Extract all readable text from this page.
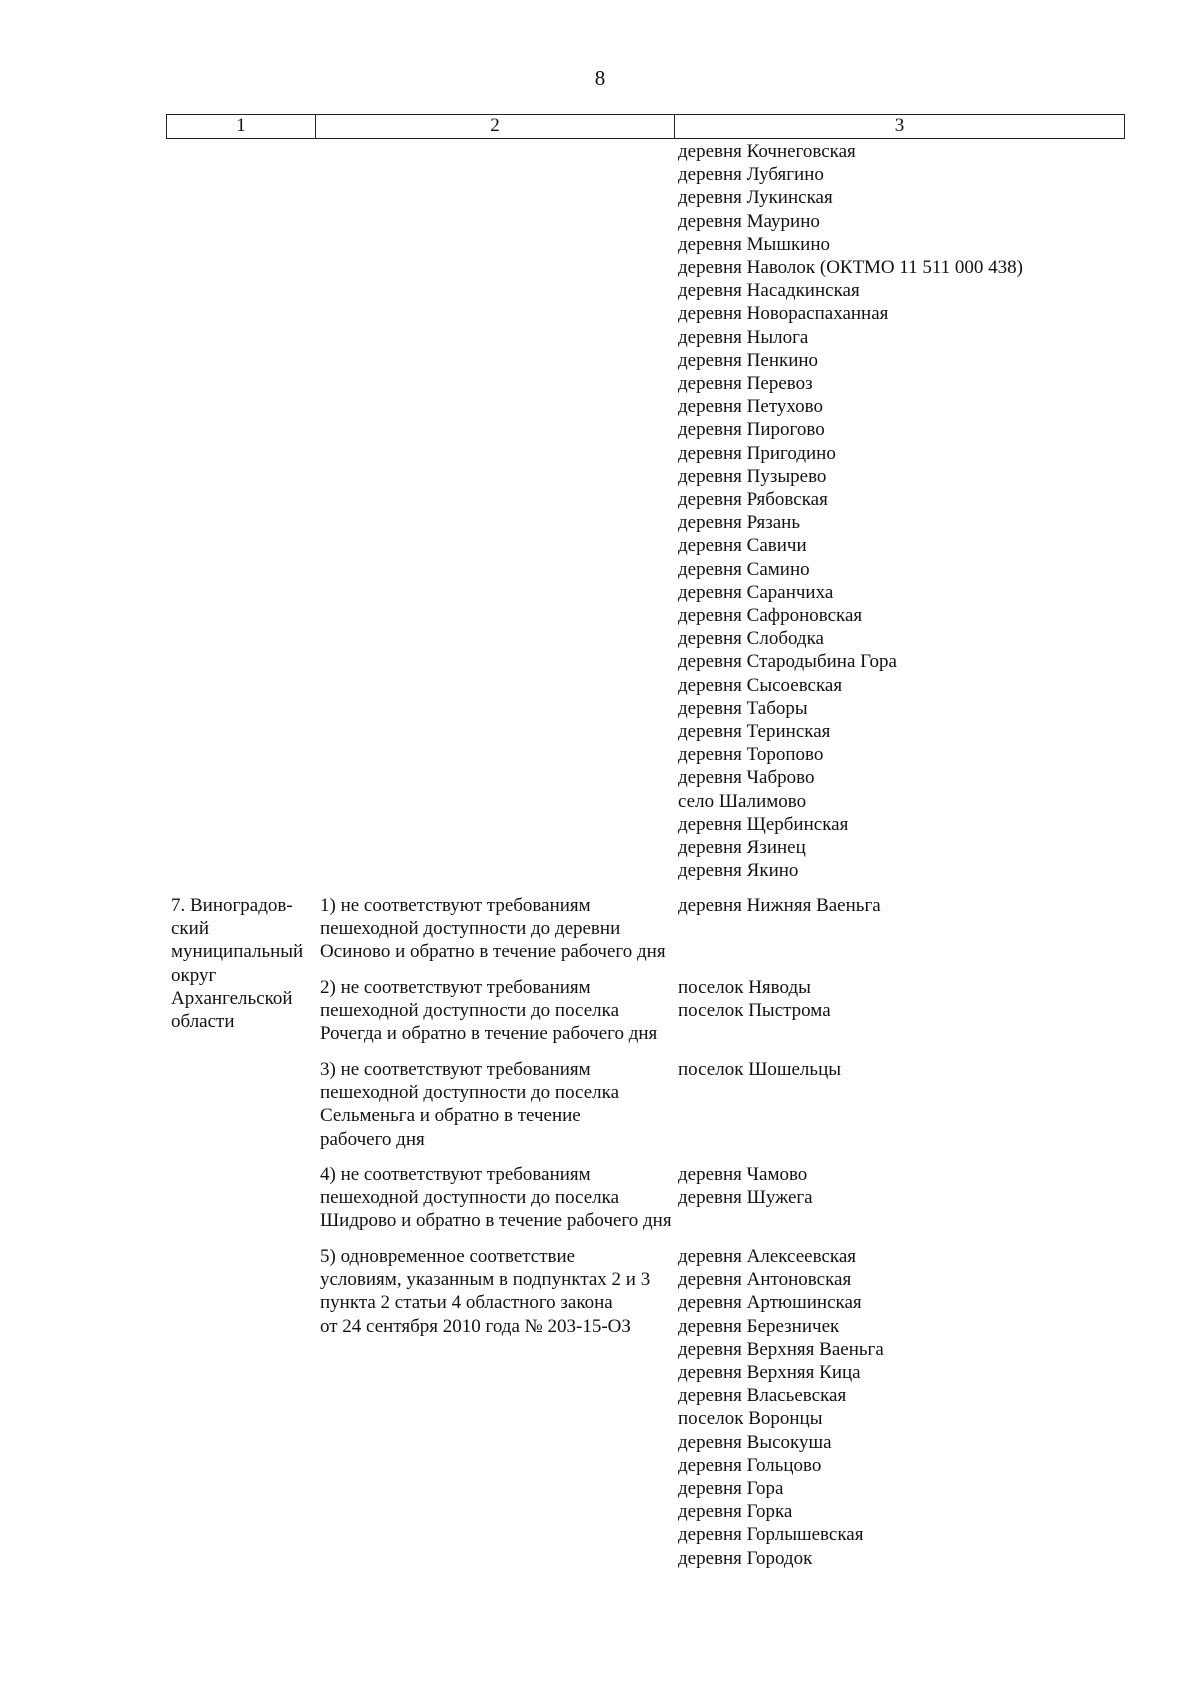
8
1	2	3
деревня Кочнеговская
деревня Лубягино
деревня Лукинская
деревня Маурино
деревня Мышкино
деревня Наволок (ОКТМО 11 511 000 438)
деревня Насадкинская
деревня Новораспаханная
деревня Нылога
деревня Пенкино
деревня Перевоз
деревня Петухово
деревня Пирогово
деревня Пригодино
деревня Пузырево
деревня Рябовская
деревня Рязань
деревня Савичи
деревня Самино
деревня Саранчиха
деревня Сафроновская
деревня Слободка
деревня Стародыбина Гора
деревня Сысоевская
деревня Таборы
деревня Теринская
деревня Торопово
деревня Чаброво
село Шалимово
деревня Щербинская
деревня Язинец
деревня Якино
7. Виноградов-
ский
муниципальный
округ
Архангельской
области
1) не соответствуют требованиям
пешеходной доступности до деревни
Осиново и обратно в течение рабочего дня
деревня Нижняя Ваеньга
2) не соответствуют требованиям
пешеходной доступности до поселка
Рочегда и обратно в течение рабочего дня
поселок Няводы
поселок Пыстрома
3) не соответствуют требованиям
пешеходной доступности до поселка
Сельменьга и обратно в течение
рабочего дня
поселок Шошельцы
4) не соответствуют требованиям
пешеходной доступности до поселка
Шидрово и обратно в течение рабочего дня
деревня Чамово
деревня Шужега
5) одновременное соответствие
условиям, указанным в подпунктах 2 и 3
пункта 2 статьи 4 областного закона
от 24 сентября 2010 года № 203-15-ОЗ
деревня Алексеевская
деревня Антоновская
деревня Артюшинская
деревня Березничек
деревня Верхняя Ваеньга
деревня Верхняя Кица
деревня Власьевская
поселок Воронцы
деревня Высокуша
деревня Гольцово
деревня Гора
деревня Горка
деревня Горлышевская
деревня Городок
